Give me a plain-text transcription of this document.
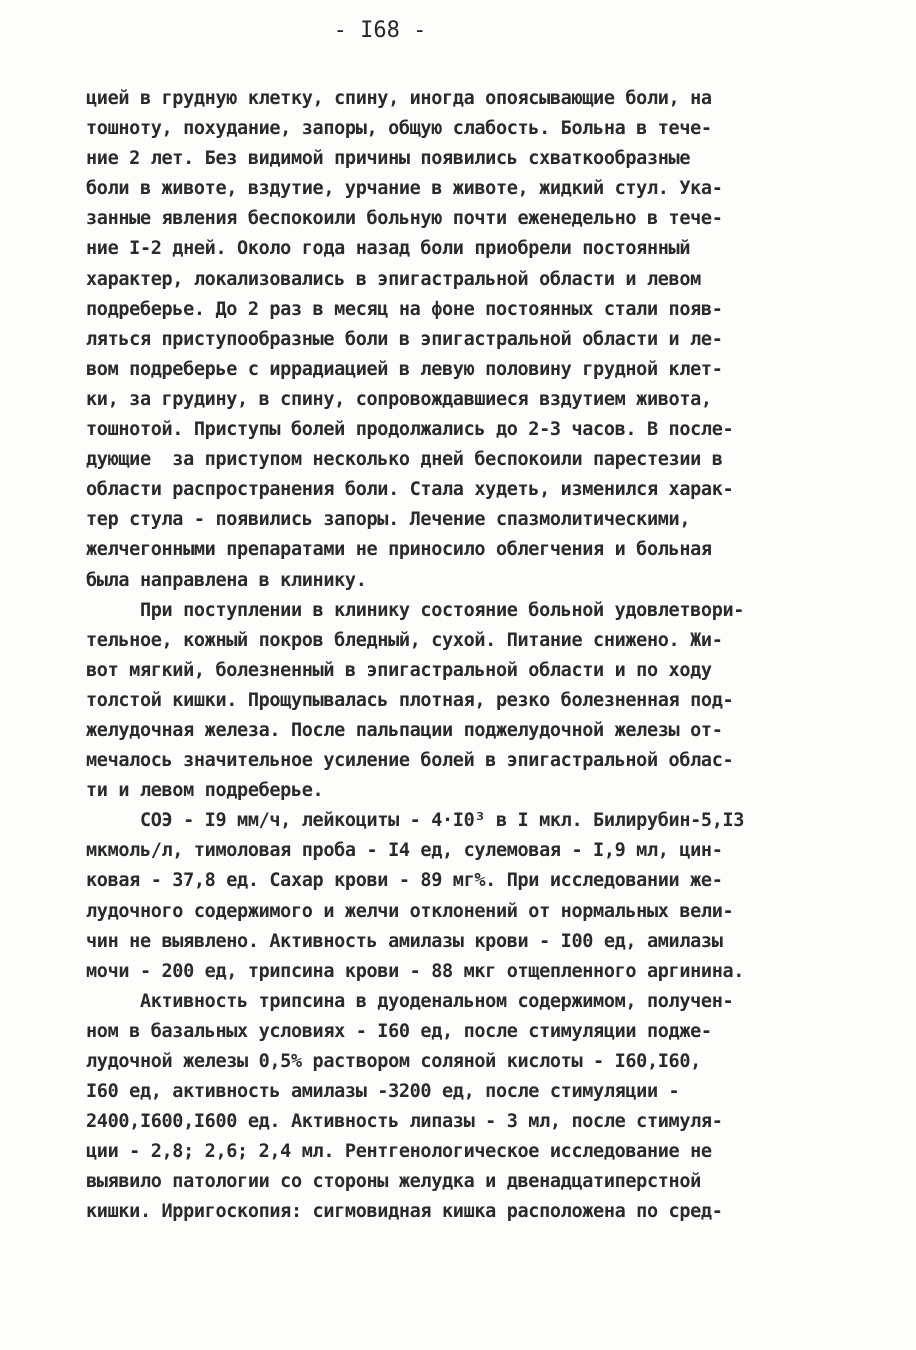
- I68 -
цией в грудную клетку, спину, иногда опоясывающие боли, на
тошноту, похудание, запоры, общую слабость. Больна в тече-
ние 2 лет. Без видимой причины появились схваткообразные
боли в животе, вздутие, урчание в животе, жидкий стул. Ука-
занные явления беспокоили больную почти еженедельно в тече-
ние I-2 дней. Около года назад боли приобрели постоянный
характер, локализовались в эпигастральной области и левом
подреберье. До 2 раз в месяц на фоне постоянных стали появ-
ляться приступообразные боли в эпигастральной области и ле-
вом подреберье с иррадиацией в левую половину грудной клет-
ки, за грудину, в спину, сопровождавшиеся вздутием живота,
тошнотой. Приступы болей продолжались до 2-3 часов. В после-
дующие  за приступом несколько дней беспокоили парестезии в
области распространения боли. Стала худеть, изменился харак-
тер стула - появились запоры. Лечение спазмолитическими,
желчегонными препаратами не приносило облегчения и больная
была направлена в клинику.
При поступлении в клинику состояние больной удовлетвори-
тельное, кожный покров бледный, сухой. Питание снижено. Жи-
вот мягкий, болезненный в эпигастральной области и по ходу
толстой кишки. Прощупывалась плотная, резко болезненная под-
желудочная железа. После пальпации поджелудочной железы от-
мечалось значительное усиление болей в эпигастральной облас-
ти и левом подреберье.
СОЭ - I9 мм/ч, лейкоциты - 4·I0³ в I мкл. Билирубин-5,I3
мкмоль/л, тимоловая проба - I4 ед, сулемовая - I,9 мл, цин-
ковая - 37,8 ед. Сахар крови - 89 мг%. При исследовании же-
лудочного содержимого и желчи отклонений от нормальных вели-
чин не выявлено. Активность амилазы крови - I00 ед, амилазы
мочи - 200 ед, трипсина крови - 88 мкг отщепленного аргинина.
Активность трипсина в дуоденальном содержимом, получен-
ном в базальных условиях - I60 ед, после стимуляции подже-
лудочной железы 0,5% раствором соляной кислоты - I60,I60,
I60 ед, активность амилазы -3200 ед, после стимуляции -
2400,I600,I600 ед. Активность липазы - 3 мл, после стимуля-
ции - 2,8; 2,6; 2,4 мл. Рентгенологическое исследование не
выявило патологии со стороны желудка и двенадцатиперстной
кишки. Ирригоскопия: сигмовидная кишка расположена по сред-
